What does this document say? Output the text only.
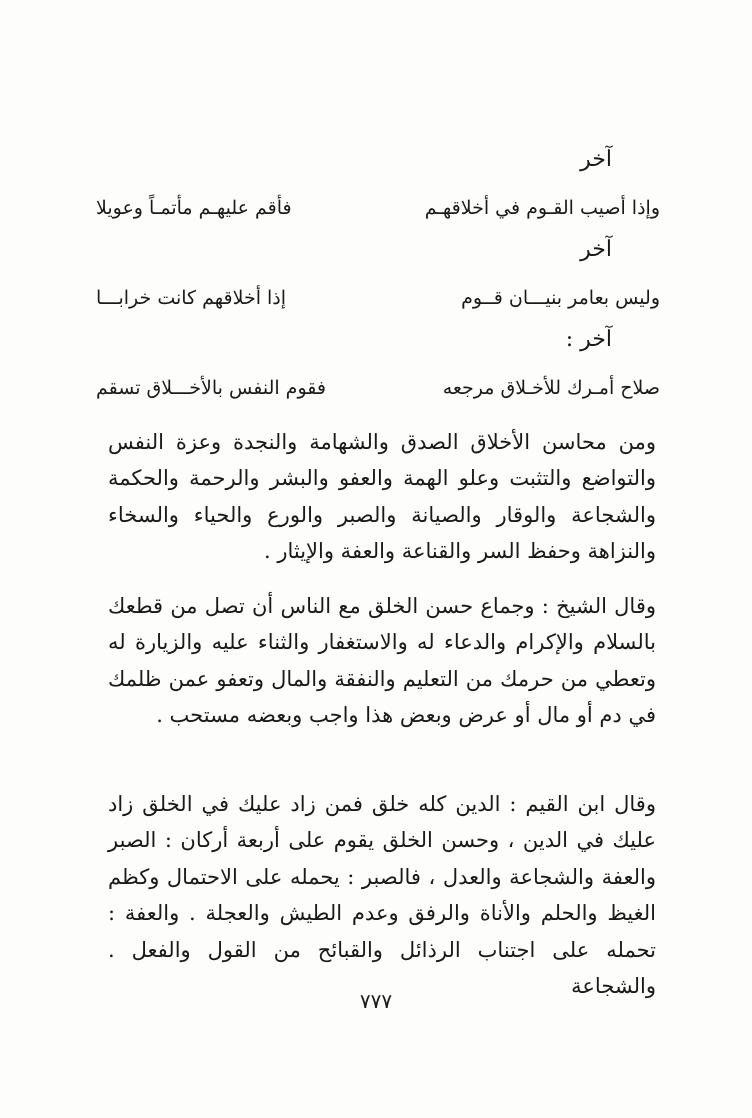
آخر
وإذا أصيب القـوم في أخلاقهـم
فأقم عليهـم مأتمـاً وعويلا
آخر
وليس بعامر بنيـــان قــوم
إذا أخلاقهم كانت خرابـــا
آخر :
صلاح أمـرك للأخـلاق مرجعه
فقوم النفس بالأخـــلاق تسقم

ومن محاسن الأخلاق الصدق والشهامة والنجدة وعزة النفس والتواضع والتثبت وعلو الهمة والعفو والبشر والرحمة والحكمة والشجاعة والوقار والصيانة والصبر والورع والحياء والسخاء والنزاهة وحفظ السر والقناعة والعفة والإيثار .

وقال الشيخ : وجماع حسن الخلق مع الناس أن تصل من قطعك بالسلام والإكرام والدعاء له والاستغفار والثناء عليه والزيارة له وتعطي من حرمك من التعليم والنفقة والمال وتعفو عمن ظلمك في دم أو مال أو عرض وبعض هذا واجب وبعضه مستحب .

وقال ابن القيم : الدين كله خلق فمن زاد عليك في الخلق زاد عليك في الدين ، وحسن الخلق يقوم على أربعة أركان : الصبر والعفة والشجاعة والعدل ، فالصبر : يحمله على الاحتمال وكظم الغيظ والحلم والأناة والرفق وعدم الطيش والعجلة . والعفة : تحمله على اجتناب الرذائل والقبائح من القول والفعل . والشجاعة

٧٧٧
